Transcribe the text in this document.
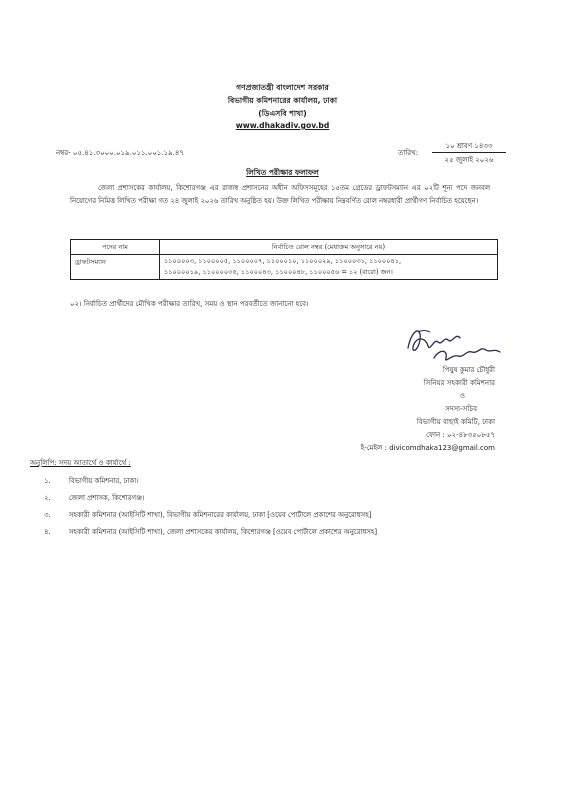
গণপ্রজাতন্ত্রী বাংলাদেশ সরকার
বিভাগীয় কমিশনারের কার্যালয়, ঢাকা
(ডিএসবি শাখা)
www.dhakadiv.gov.bd
নম্বর- ০৫.৪১.৩০০০.০১৯.০১১.০০১.১৯.৪৭	তারিখ:
১০ শ্রাবণ ১৪৩৩
২৫ জুলাই ২০২৬
লিখিত পরীক্ষার ফলাফল
জেলা প্রশাসকের কার্যালয়, কিশোরগঞ্জ এর রাজস্ব প্রশাসনের অধীন অফিসসমূহের ১৫তম গ্রেডের ড্রাফটসম্যান এর ০২টি শূন্য পদে জনবল নিয়োগের নিমিত্ত লিখিত পরীক্ষা গত ২৪ জুলাই ২০২৬ তারিখ অনুষ্ঠিত হয়। উক্ত লিখিত পরীক্ষায় নিম্নবর্ণিত রোল নম্বরধারী প্রার্থীগণ নির্বাচিত হয়েছেন।
পদের নাম	নির্বাচিত রোল নম্বর (মেধাক্রম অনুসারে নয়)
ড্রাফটসম্যান	১১০০০০৩, ১১০০০০৫, ১১০০০০৭, ১১০০০১০, ১১০০০২৯, ১১০০০৩১, ১১০০০৪১,
১১০০০০১৯, ১১০০০০৩৫, ১১০০০৪৩, ১১০০০৪৮, ১১০০০৫৬ = ১২ (বারো) জন।
০২। নির্বাচিত প্রার্থীদের মৌখিক পরীক্ষার তারিখ, সময় ও স্থান পরবর্তীতে জানানো হবে।
পিযুষ কুমার চৌধুরী
সিনিয়র সহকারী কমিশনার
ও
সদস্য-সচিব
বিভাগীয় বাছাই কমিটি, ঢাকা
ফোন : ০২-৪৮৩৫০৮৫৭
ই-মেইল : divicomdhaka123@gmail.com
অনুলিপি: সদয় আতার্থে ও কার্যার্থে :
১.	বিভাগীয় কমিশনার, ঢাকা।
২.	জেলা প্রশাসক, কিশোরগঞ্জ।
৩.	সহকারী কমিশনার (আইসিটি শাখা), বিভাগীয় কমিশনারের কার্যালয়, ঢাকা [ওয়েব পোর্টালে প্রকাশের অনুরোধসহ]
৪.	সহকারী কমিশনার (আইসিটি শাখা), জেলা প্রশাসকের কার্যালয়, কিশোরগঞ্জ [ওয়েব পোর্টালে প্রকাশের অনুরোধসহ]
